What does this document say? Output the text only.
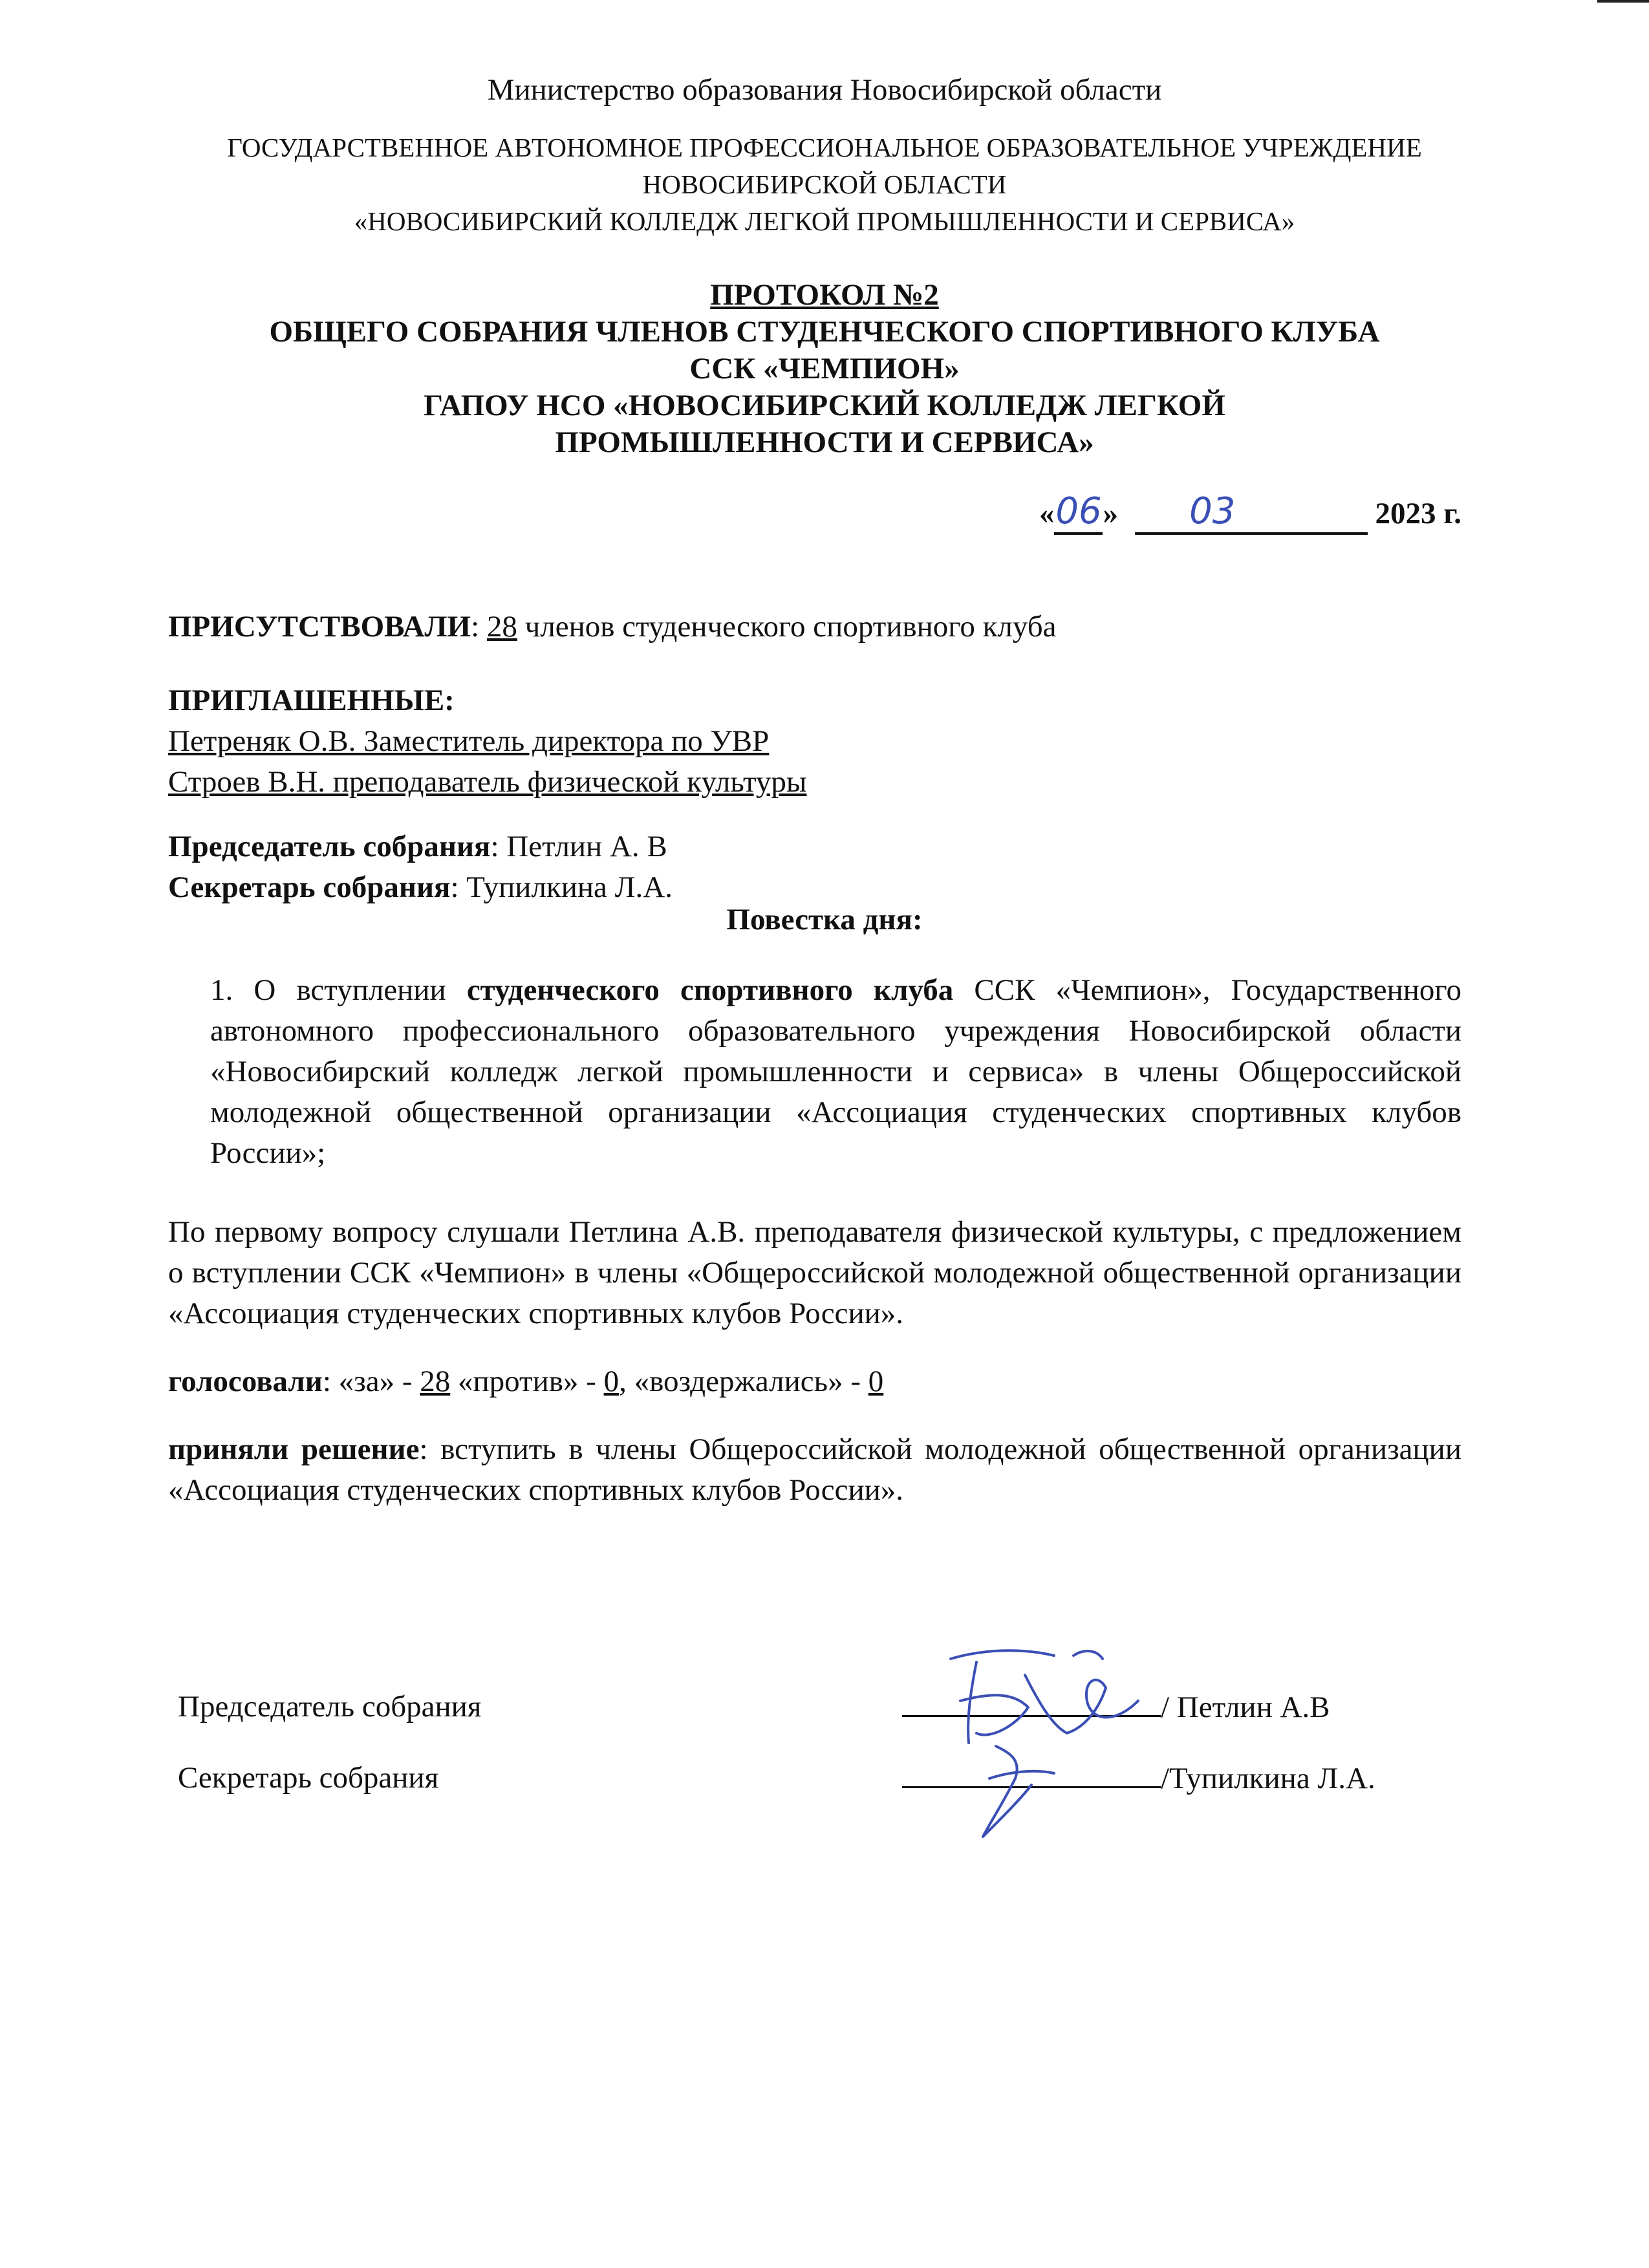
Министерство образования Новосибирской области
ГОСУДАРСТВЕННОЕ АВТОНОМНОЕ ПРОФЕССИОНАЛЬНОЕ ОБРАЗОВАТЕЛЬНОЕ УЧРЕЖДЕНИЕ
НОВОСИБИРСКОЙ ОБЛАСТИ
«НОВОСИБИРСКИЙ КОЛЛЕДЖ ЛЕГКОЙ ПРОМЫШЛЕННОСТИ И СЕРВИСА»
ПРОТОКОЛ №2
ОБЩЕГО СОБРАНИЯ ЧЛЕНОВ СТУДЕНЧЕСКОГО СПОРТИВНОГО КЛУБА
ССК «ЧЕМПИОН»
ГАПОУ НСО «НОВОСИБИРСКИЙ КОЛЛЕДЖ ЛЕГКОЙ
ПРОМЫШЛЕННОСТИ И СЕРВИСА»
«06» 03	2023 г.
ПРИСУТСТВОВАЛИ: 28 членов студенческого спортивного клуба
ПРИГЛАШЕННЫЕ:
Петреняк О.В. Заместитель директора по УВР
Строев В.Н. преподаватель физической культуры
Председатель собрания: Петлин А. В
Секретарь собрания: Тупилкина Л.А.
Повестка дня:
1. О вступлении студенческого спортивного клуба ССК «Чемпион», Государственного автономного профессионального образовательного учреждения Новосибирской области «Новосибирский колледж легкой промышленности и сервиса» в члены Общероссийской молодежной общественной организации «Ассоциация студенческих спортивных клубов России»;
По первому вопросу слушали Петлина А.В. преподавателя физической культуры, с предложением о вступлении ССК «Чемпион» в члены «Общероссийской молодежной общественной организации «Ассоциация студенческих спортивных клубов России».
голосовали: «за» - 28 «против» - 0, «воздержались» - 0
приняли решение: вступить в члены Общероссийской молодежной общественной организации «Ассоциация студенческих спортивных клубов России».
Председатель собрания	/ Петлин А.В
Секретарь собрания	/Тупилкина Л.А.
